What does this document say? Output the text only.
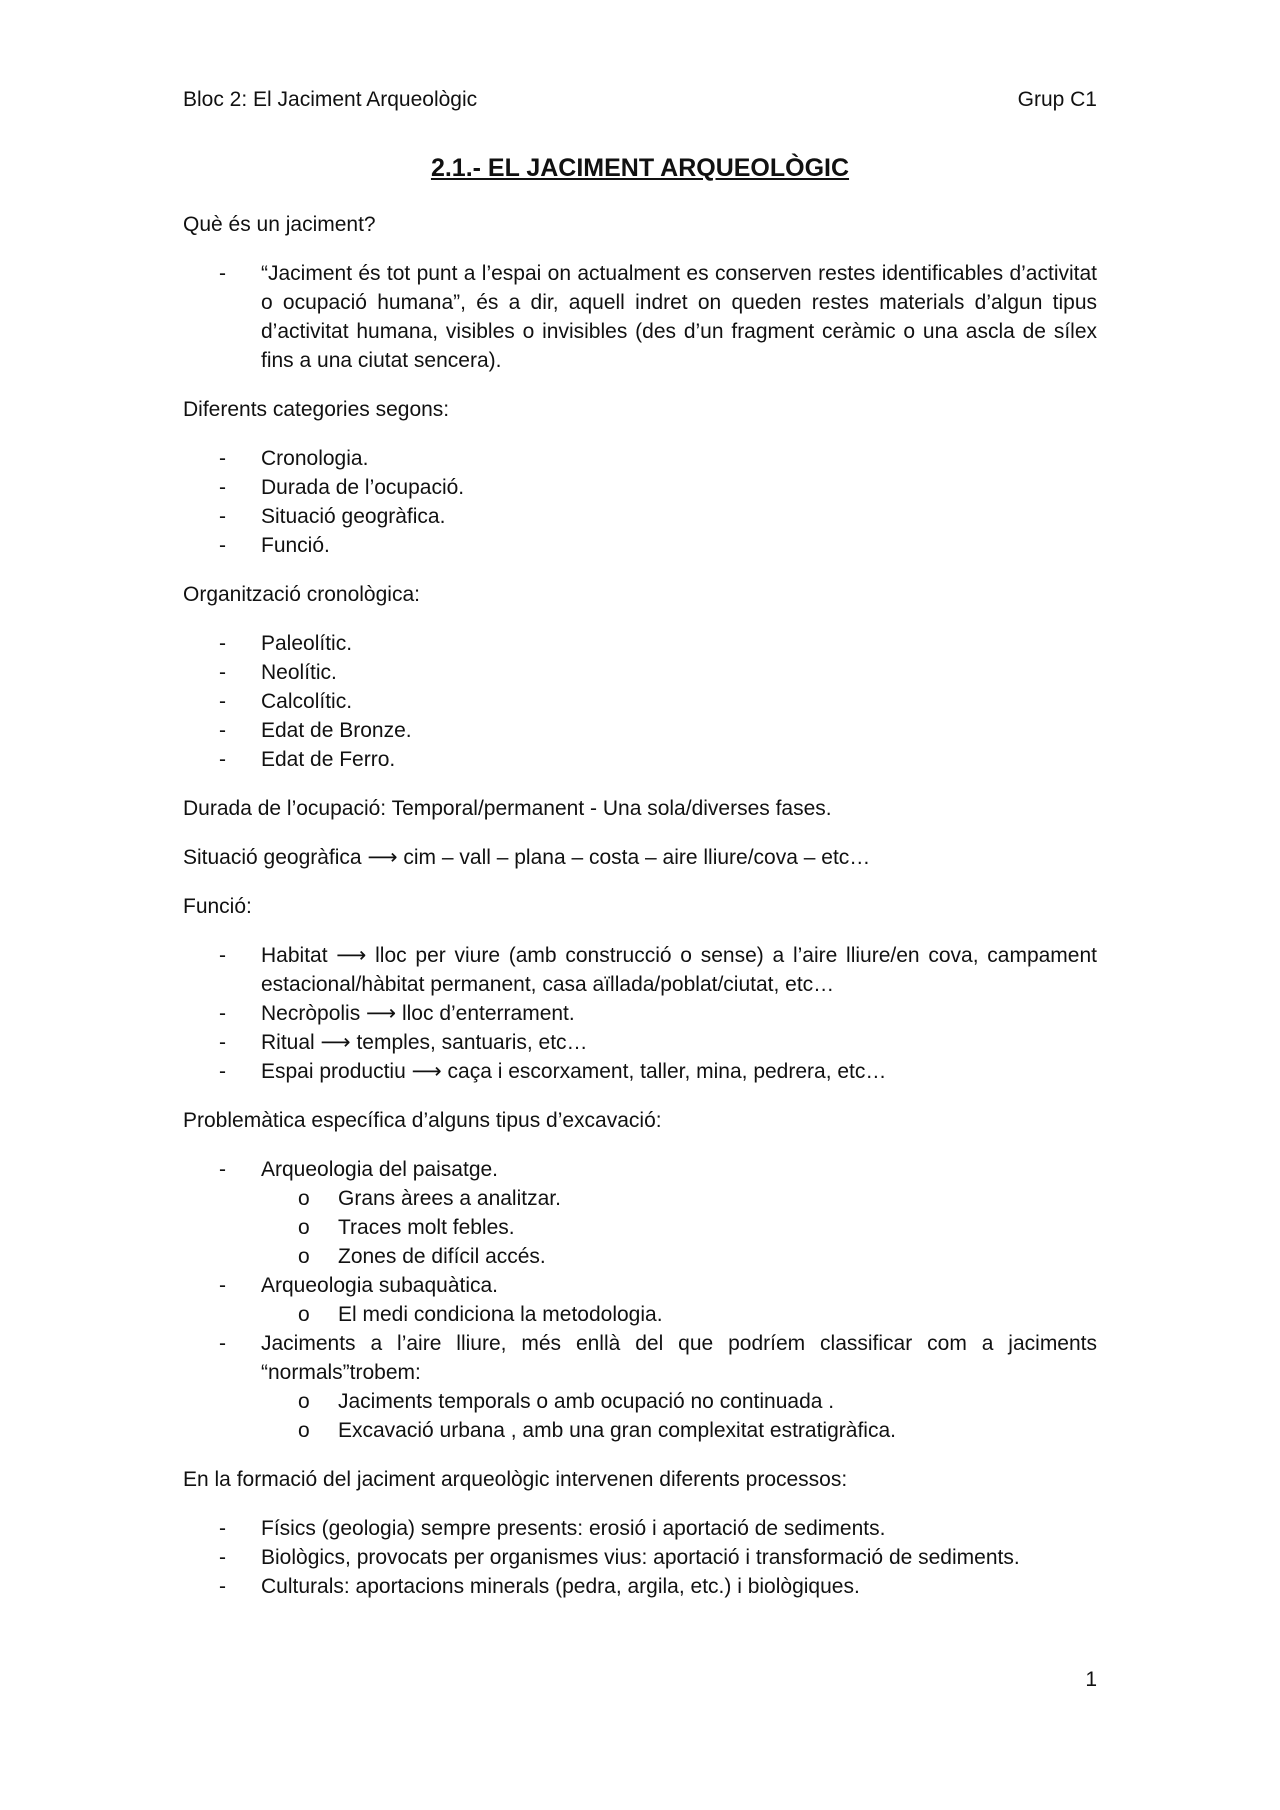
Bloc 2: El Jaciment Arqueològic	Grup C1
2.1.- EL JACIMENT ARQUEOLÒGIC

Què és un jaciment?

- “Jaciment és tot punt a l’espai on actualment es conserven restes identificables d’activitat o ocupació humana”, és a dir, aquell indret on queden restes materials d’algun tipus d’activitat humana, visibles o invisibles (des d’un fragment ceràmic o una ascla de sílex fins a una ciutat sencera).

Diferents categories segons:

- Cronologia.
- Durada de l’ocupació.
- Situació geogràfica.
- Funció.

Organització cronològica:

- Paleolític.
- Neolític.
- Calcolític.
- Edat de Bronze.
- Edat de Ferro.

Durada de l’ocupació: Temporal/permanent - Una sola/diverses fases.

Situació geogràfica ⟶ cim – vall – plana – costa – aire lliure/cova – etc…

Funció:

- Habitat ⟶ lloc per viure (amb construcció o sense) a l’aire lliure/en cova, campament estacional/hàbitat permanent, casa aïllada/poblat/ciutat, etc…
- Necròpolis ⟶ lloc d’enterrament.
- Ritual ⟶ temples, santuaris, etc…
- Espai productiu ⟶ caça i escorxament, taller, mina, pedrera, etc…

Problemàtica específica d’alguns tipus d’excavació:

- Arqueologia del paisatge.
o Grans àrees a analitzar.
o Traces molt febles.
o Zones de difícil accés.
- Arqueologia subaquàtica.
o El medi condiciona la metodologia.
- Jaciments a l’aire lliure, més enllà del que podríem classificar com a jaciments “normals”trobem:
o Jaciments temporals o amb ocupació no continuada .
o Excavació urbana , amb una gran complexitat estratigràfica.

En la formació del jaciment arqueològic intervenen diferents processos:

- Físics (geologia) sempre presents: erosió i aportació de sediments.
- Biològics, provocats per organismes vius: aportació i transformació de sediments.
- Culturals: aportacions minerals (pedra, argila, etc.) i biològiques.
1
